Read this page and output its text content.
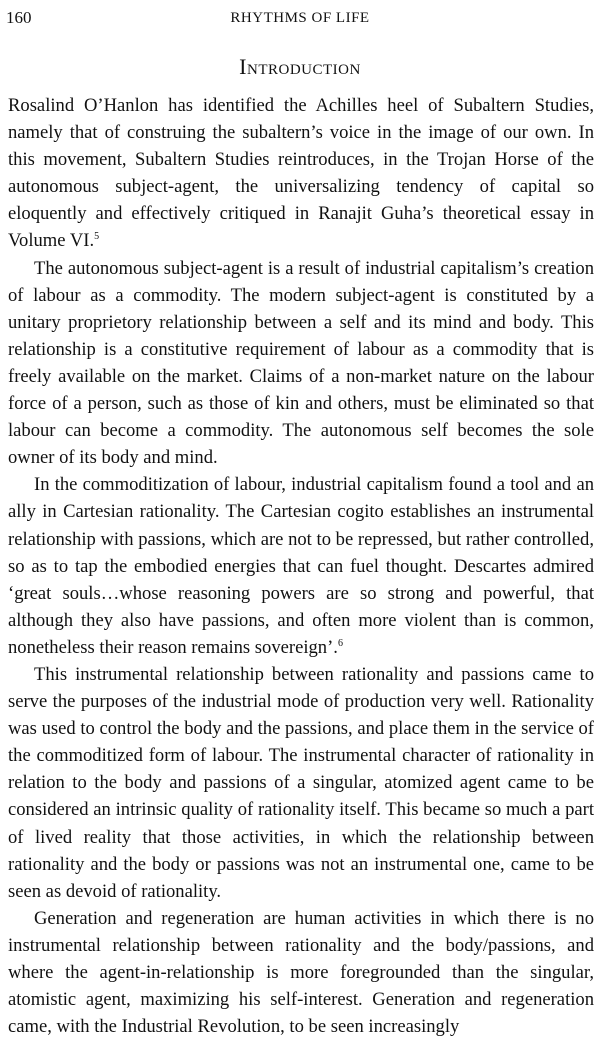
160	RHYTHMS OF LIFE
Introduction

Rosalind O’Hanlon has identified the Achilles heel of Subaltern Studies, namely that of construing the subaltern’s voice in the image of our own. In this movement, Subaltern Studies reintroduces, in the Trojan Horse of the autonomous subject-agent, the universalizing tendency of capital so eloquently and effectively critiqued in Ranajit Guha’s theoretical essay in Volume VI.$^5$

The autonomous subject-agent is a result of industrial capitalism’s creation of labour as a commodity. The modern subject-agent is constituted by a unitary proprietory relationship between a self and its mind and body. This relationship is a constitutive requirement of labour as a commodity that is freely available on the market. Claims of a non-market nature on the labour force of a person, such as those of kin and others, must be eliminated so that labour can become a commodity. The autonomous self becomes the sole owner of its body and mind.

In the commoditization of labour, industrial capitalism found a tool and an ally in Cartesian rationality. The Cartesian cogito establishes an instrumental relationship with passions, which are not to be repressed, but rather controlled, so as to tap the embodied energies that can fuel thought. Descartes admired ‘great souls…whose reasoning powers are so strong and powerful, that although they also have passions, and often more violent than is common, nonetheless their reason remains sovereign’.$^6$

This instrumental relationship between rationality and passions came to serve the purposes of the industrial mode of production very well. Rationality was used to control the body and the passions, and place them in the service of the commoditized form of labour. The instrumental character of rationality in relation to the body and passions of a singular, atomized agent came to be considered an intrinsic quality of rationality itself. This became so much a part of lived reality that those activities, in which the relationship between rationality and the body or passions was not an instrumental one, came to be seen as devoid of rationality.

Generation and regeneration are human activities in which there is no instrumental relationship between rationality and the body/passions, and where the agent-in-relationship is more foregrounded than the singular, atomistic agent, maximizing his self-interest. Generation and regeneration came, with the Industrial Revolution, to be seen increasingly
